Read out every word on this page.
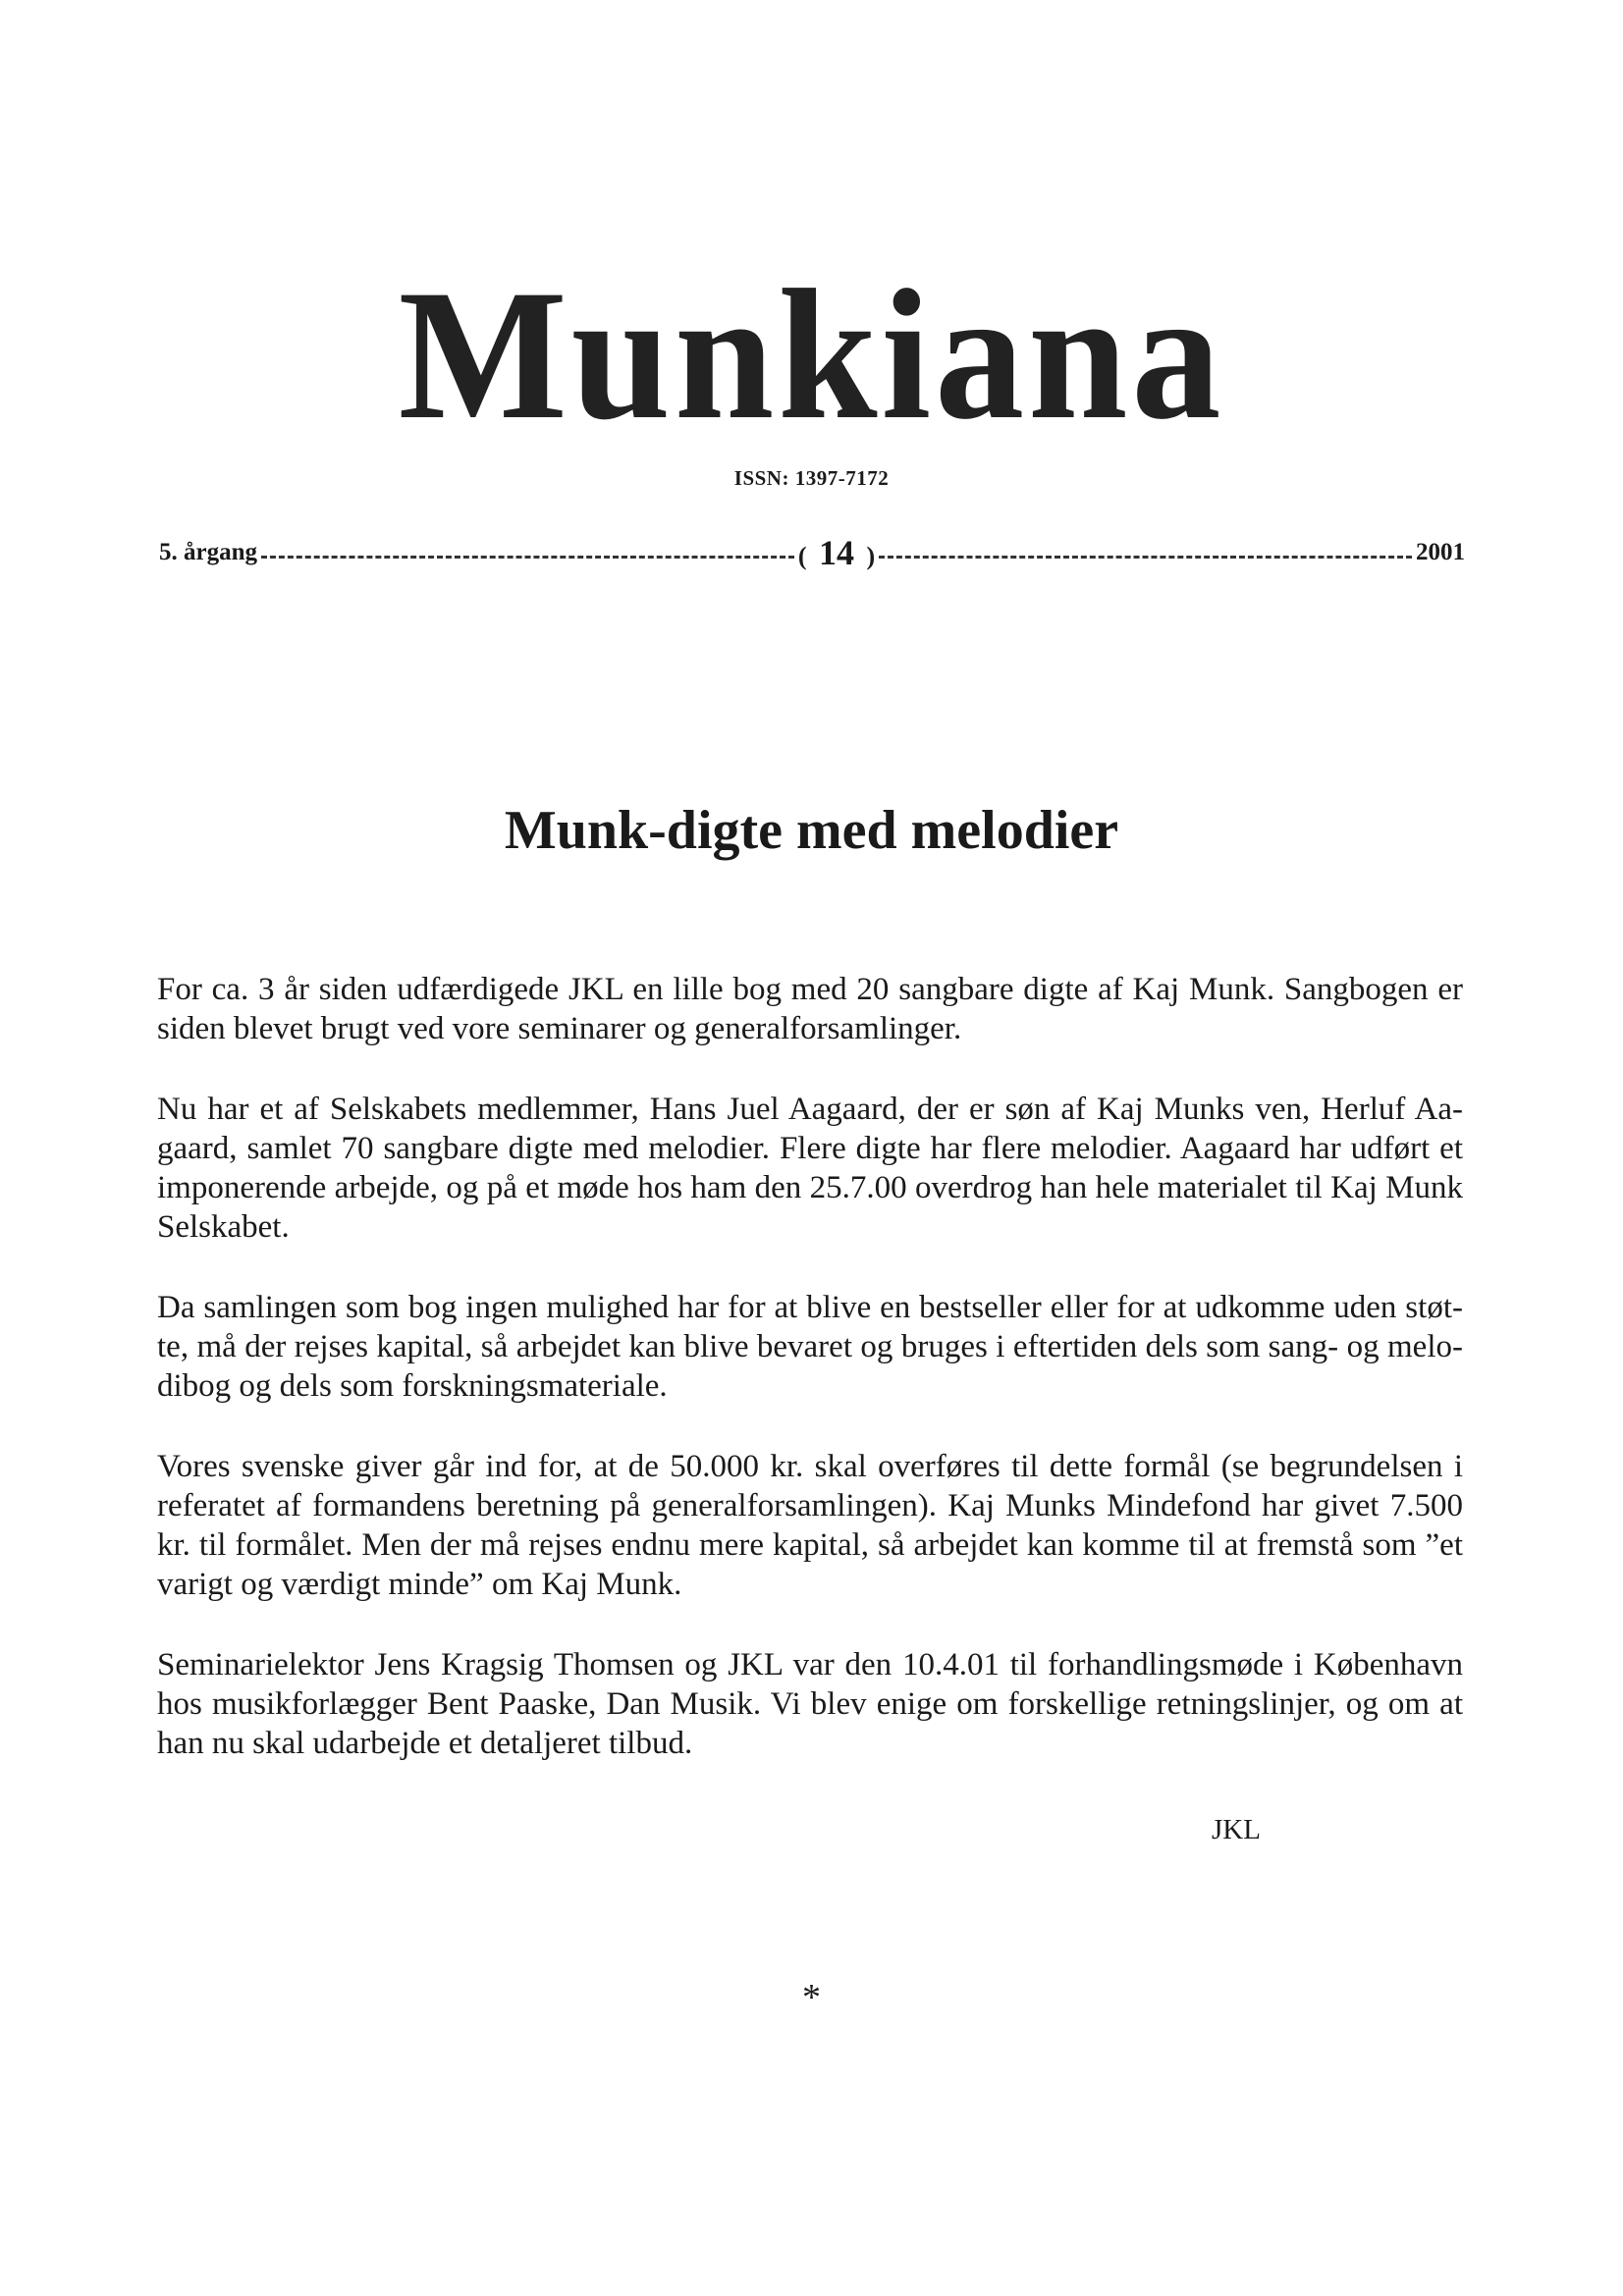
Munkiana
ISSN: 1397-7172
5. årgang	( 14 )	2001
Munk-digte med melodier

For ca. 3 år siden udfærdigede JKL en lille bog med 20 sangbare digte af Kaj Munk. Sangbogen er siden blevet brugt ved vore seminarer og generalforsamlinger.

Nu har et af Selskabets medlemmer, Hans Juel Aagaard, der er søn af Kaj Munks ven, Herluf Aagaard, samlet 70 sangbare digte med melodier. Flere digte har flere melodier. Aagaard har udført et imponerende arbejde, og på et møde hos ham den 25.7.00 overdrog han hele materialet til Kaj Munk Selskabet.

Da samlingen som bog ingen mulighed har for at blive en bestseller eller for at udkomme uden støtte, må der rejses kapital, så arbejdet kan blive bevaret og bruges i eftertiden dels som sang- og melodibog og dels som forskningsmateriale.

Vores svenske giver går ind for, at de 50.000 kr. skal overføres til dette formål (se begrundelsen i referatet af formandens beretning på generalforsamlingen). Kaj Munks Mindefond har givet 7.500 kr. til formålet. Men der må rejses endnu mere kapital, så arbejdet kan komme til at fremstå som ”et varigt og værdigt minde” om Kaj Munk.

Seminarielektor Jens Kragsig Thomsen og JKL var den 10.4.01 til forhandlingsmøde i København hos musikforlægger Bent Paaske, Dan Musik. Vi blev enige om forskellige retningslinjer, og om at han nu skal udarbejde et detaljeret tilbud.

JKL
*
